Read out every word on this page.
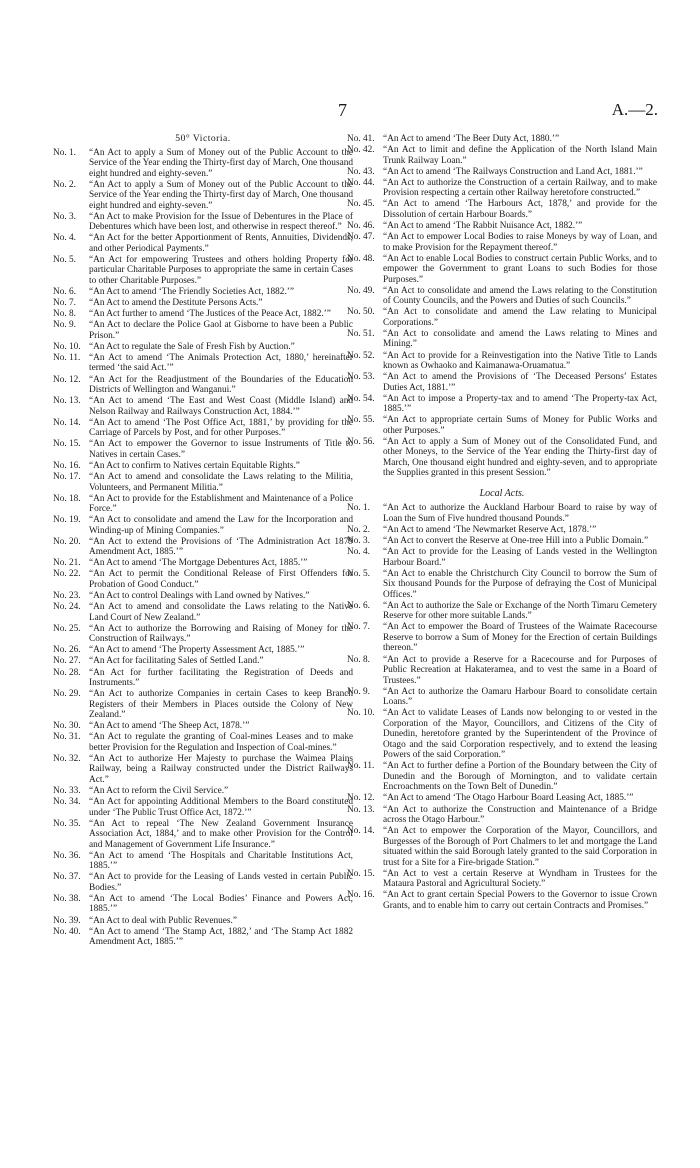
7	A.—2.
50° Victoria.
No. 1.	“An Act to apply a Sum of Money out of the Public Account to the Service of the Year ending the Thirty-first day of March, One thousand eight hundred and eighty-seven.”
No. 2.	“An Act to apply a Sum of Money out of the Public Account to the Service of the Year ending the Thirty-first day of March, One thousand eight hundred and eighty-seven.”
No. 3.	“An Act to make Provision for the Issue of Debentures in the Place of Debentures which have been lost, and otherwise in respect thereof.”
No. 4.	“An Act for the better Apportionment of Rents, Annuities, Dividends, and other Periodical Payments.”
No. 5.	“An Act for empowering Trustees and others holding Property for particular Charitable Purposes to appropriate the same in certain Cases to other Charitable Purposes.”
No. 6.	“An Act to amend ‘The Friendly Societies Act, 1882.’”
No. 7.	“An Act to amend the Destitute Persons Acts.”
No. 8.	“An Act further to amend ‘The Justices of the Peace Act, 1882.’”
No. 9.	“An Act to declare the Police Gaol at Gisborne to have been a Public Prison.”
No. 10. “An Act to regulate the Sale of Fresh Fish by Auction.”
No. 11. “An Act to amend ‘The Animals Protection Act, 1880,’ hereinafter termed ‘the said Act.’”
No. 12. “An Act for the Readjustment of the Boundaries of the Education Districts of Wellington and Wanganui.”
No. 13. “An Act to amend ‘The East and West Coast (Middle Island) and Nelson Railway and Railways Construction Act, 1884.’”
No. 14. “An Act to amend ‘The Post Office Act, 1881,’ by providing for the Carriage of Parcels by Post, and for other Purposes.”
No. 15. “An Act to empower the Governor to issue Instruments of Title to Natives in certain Cases.”
No. 16. “An Act to confirm to Natives certain Equitable Rights.”
No. 17. “An Act to amend and consolidate the Laws relating to the Militia, Volunteers, and Permanent Militia.”
No. 18. “An Act to provide for the Establishment and Maintenance of a Police Force.”
No. 19. “An Act to consolidate and amend the Law for the Incorporation and Winding-up of Mining Companies.”
No. 20. “An Act to extend the Provisions of ‘The Administration Act 1879 Amendment Act, 1885.’”
No. 21. “An Act to amend ‘The Mortgage Debentures Act, 1885.’”
No. 22. “An Act to permit the Conditional Release of First Offenders for Probation of Good Conduct.”
No. 23. “An Act to control Dealings with Land owned by Natives.”
No. 24. “An Act to amend and consolidate the Laws relating to the Native Land Court of New Zealand.”
No. 25. “An Act to authorize the Borrowing and Raising of Money for the Construction of Railways.”
No. 26. “An Act to amend ‘The Property Assessment Act, 1885.’”
No. 27. “An Act for facilitating Sales of Settled Land.”
No. 28. “An Act for further facilitating the Registration of Deeds and Instruments.”
No. 29. “An Act to authorize Companies in certain Cases to keep Branch Registers of their Members in Places outside the Colony of New Zealand.”
No. 30. “An Act to amend ‘The Sheep Act, 1878.’”
No. 31. “An Act to regulate the granting of Coal-mines Leases and to make better Provision for the Regulation and Inspection of Coal-mines.”
No. 32. “An Act to authorize Her Majesty to purchase the Waimea Plains Railway, being a Railway constructed under the District Railways Act.”
No. 33. “An Act to reform the Civil Service.”
No. 34. “An Act for appointing Additional Members to the Board constituted under ‘The Public Trust Office Act, 1872.’”
No. 35. “An Act to repeal ‘The New Zealand Government Insurance Association Act, 1884,’ and to make other Provision for the Control and Management of Government Life Insurance.”
No. 36. “An Act to amend ‘The Hospitals and Charitable Institutions Act, 1885.’”
No. 37. “An Act to provide for the Leasing of Lands vested in certain Public Bodies.”
No. 38. “An Act to amend ‘The Local Bodies’ Finance and Powers Act, 1885.’”
No. 39. “An Act to deal with Public Revenues.”
No. 40. “An Act to amend ‘The Stamp Act, 1882,’ and ‘The Stamp Act 1882 Amendment Act, 1885.’”
No. 41. “An Act to amend ‘The Beer Duty Act, 1880.’”
No. 42. “An Act to limit and define the Application of the North Island Main Trunk Railway Loan.”
No. 43. “An Act to amend ‘The Railways Construction and Land Act, 1881.’”
No. 44. “An Act to authorize the Construction of a certain Railway, and to make Provision respecting a certain other Railway heretofore constructed.”
No. 45. “An Act to amend ‘The Harbours Act, 1878,’ and provide for the Dissolution of certain Harbour Boards.”
No. 46. “An Act to amend ‘The Rabbit Nuisance Act, 1882.’”
No. 47. “An Act to empower Local Bodies to raise Moneys by way of Loan, and to make Provision for the Repayment thereof.”
No. 48. “An Act to enable Local Bodies to construct certain Public Works, and to empower the Government to grant Loans to such Bodies for those Purposes.”
No. 49. “An Act to consolidate and amend the Laws relating to the Constitution of County Councils, and the Powers and Duties of such Councils.”
No. 50. “An Act to consolidate and amend the Law relating to Municipal Corporations.”
No. 51. “An Act to consolidate and amend the Laws relating to Mines and Mining.”
No. 52. “An Act to provide for a Reinvestigation into the Native Title to Lands known as Owhaoko and Kaimanawa-Oruamatua.”
No. 53. “An Act to amend the Provisions of ‘The Deceased Persons’ Estates Duties Act, 1881.’”
No. 54. “An Act to impose a Property-tax and to amend ‘The Property-tax Act, 1885.’”
No. 55. “An Act to appropriate certain Sums of Money for Public Works and other Purposes.”
No. 56. “An Act to apply a Sum of Money out of the Consolidated Fund, and other Moneys, to the Service of the Year ending the Thirty-first day of March, One thousand eight hundred and eighty-seven, and to appropriate the Supplies granted in this present Session.”
Local Acts.
No. 1.	“An Act to authorize the Auckland Harbour Board to raise by way of Loan the Sum of Five hundred thousand Pounds.”
No. 2.	“An Act to amend ‘The Newmarket Reserve Act, 1878.’”
No. 3.	“An Act to convert the Reserve at One-tree Hill into a Public Domain.”
No. 4.	“An Act to provide for the Leasing of Lands vested in the Wellington Harbour Board.”
No. 5.	“An Act to enable the Christchurch City Council to borrow the Sum of Six thousand Pounds for the Purpose of defraying the Cost of Municipal Offices.”
No. 6.	“An Act to authorize the Sale or Exchange of the North Timaru Cemetery Reserve for other more suitable Lands.”
No. 7.	“An Act to empower the Board of Trustees of the Waimate Racecourse Reserve to borrow a Sum of Money for the Erection of certain Buildings thereon.”
No. 8.	“An Act to provide a Reserve for a Racecourse and for Purposes of Public Recreation at Hakateramea, and to vest the same in a Board of Trustees.”
No. 9.	“An Act to authorize the Oamaru Harbour Board to consolidate certain Loans.”
No. 10. “An Act to validate Leases of Lands now belonging to or vested in the Corporation of the Mayor, Councillors, and Citizens of the City of Dunedin, heretofore granted by the Superintendent of the Province of Otago and the said Corporation respectively, and to extend the leasing Powers of the said Corporation.”
No. 11. “An Act to further define a Portion of the Boundary between the City of Dunedin and the Borough of Mornington, and to validate certain Encroachments on the Town Belt of Dunedin.”
No. 12. “An Act to amend ‘The Otago Harbour Board Leasing Act, 1885.’”
No. 13. “An Act to authorize the Construction and Maintenance of a Bridge across the Otago Harbour.”
No. 14. “An Act to empower the Corporation of the Mayor, Councillors, and Burgesses of the Borough of Port Chalmers to let and mortgage the Land situated within the said Borough lately granted to the said Corporation in trust for a Site for a Fire-brigade Station.”
No. 15. “An Act to vest a certain Reserve at Wyndham in Trustees for the Mataura Pastoral and Agricultural Society.”
No. 16. “An Act to grant certain Special Powers to the Governor to issue Crown Grants, and to enable him to carry out certain Contracts and Promises.”
